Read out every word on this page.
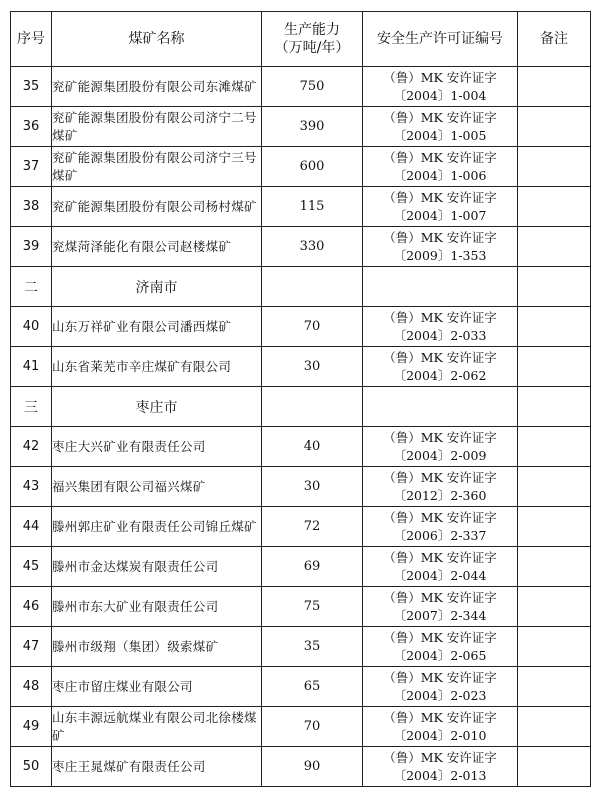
序号	煤矿名称	生产能力
（万吨/年）	安全生产许可证编号	备注
35	兖矿能源集团股份有限公司东滩煤矿	750	（鲁）MK 安许证字
〔2004〕1-004	

36	兖矿能源集团股份有限公司济宁二号煤矿	390	（鲁）MK 安许证字
〔2004〕1-005	

37	兖矿能源集团股份有限公司济宁三号煤矿	600	（鲁）MK 安许证字
〔2004〕1-006	

38	兖矿能源集团股份有限公司杨村煤矿	115	（鲁）MK 安许证字
〔2004〕1-007	

39	兖煤菏泽能化有限公司赵楼煤矿	330	（鲁）MK 安许证字
〔2009〕1-353	

二	济南市			
40	山东万祥矿业有限公司潘西煤矿	70	（鲁）MK 安许证字
〔2004〕2-033	

41	山东省莱芜市辛庄煤矿有限公司	30	（鲁）MK 安许证字
〔2004〕2-062	

三	枣庄市			
42	枣庄大兴矿业有限责任公司	40	（鲁）MK 安许证字
〔2004〕2-009	

43	福兴集团有限公司福兴煤矿	30	（鲁）MK 安许证字
〔2012〕2-360	

44	滕州郭庄矿业有限责任公司锦丘煤矿	72	（鲁）MK 安许证字
〔2006〕2-337	

45	滕州市金达煤炭有限责任公司	69	（鲁）MK 安许证字
〔2004〕2-044	

46	滕州市东大矿业有限责任公司	75	（鲁）MK 安许证字
〔2007〕2-344	

47	滕州市级翔（集团）级索煤矿	35	（鲁）MK 安许证字
〔2004〕2-065	

48	枣庄市留庄煤业有限公司	65	（鲁）MK 安许证字
〔2004〕2-023	

49	山东丰源远航煤业有限公司北徐楼煤矿	70	（鲁）MK 安许证字
〔2004〕2-010	

50	枣庄王晁煤矿有限责任公司	90	（鲁）MK 安许证字
〔2004〕2-013	
